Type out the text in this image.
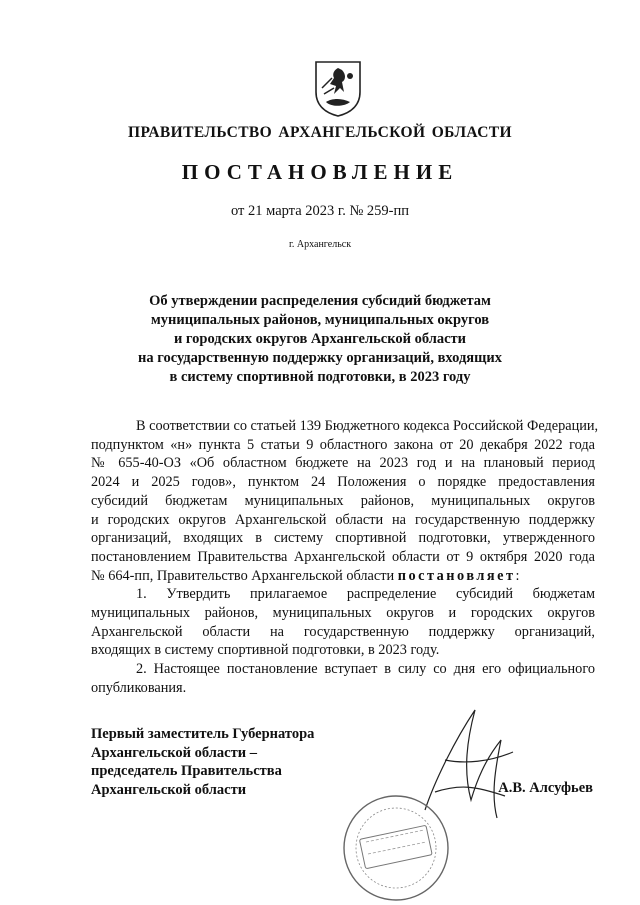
ПРАВИТЕЛЬСТВО АРХАНГЕЛЬСКОЙ ОБЛАСТИ
ПОСТАНОВЛЕНИЕ
от 21 марта 2023 г. № 259-пп
г. Архангельск
Об утверждении распределения субсидий бюджетам
муниципальных районов, муниципальных округов
и городских округов Архангельской области
на государственную поддержку организаций, входящих
в систему спортивной подготовки, в 2023 году
В соответствии со статьей 139 Бюджетного кодекса Российской Федерации,
подпунктом «н» пункта 5 статьи 9 областного закона от 20 декабря 2022 года
№ 655-40-ОЗ «Об областном бюджете на 2023 год и на плановый период
2024 и 2025 годов», пунктом 24 Положения о порядке предоставления
субсидий бюджетам муниципальных районов, муниципальных округов
и городских округов Архангельской области на государственную поддержку
организаций, входящих в систему спортивной подготовки, утвержденного
постановлением Правительства Архангельской области от 9 октября 2020 года
№ 664-пп, Правительство Архангельской области постановляет:
1. Утвердить прилагаемое распределение субсидий бюджетам
муниципальных районов, муниципальных округов и городских округов
Архангельской области на государственную поддержку организаций,
входящих в систему спортивной подготовки, в 2023 году.
2. Настоящее постановление вступает в силу со дня его официального
опубликования.
Первый заместитель Губернатора
Архангельской области –
председатель Правительства
Архангельской области	А.В. Алсуфьев
